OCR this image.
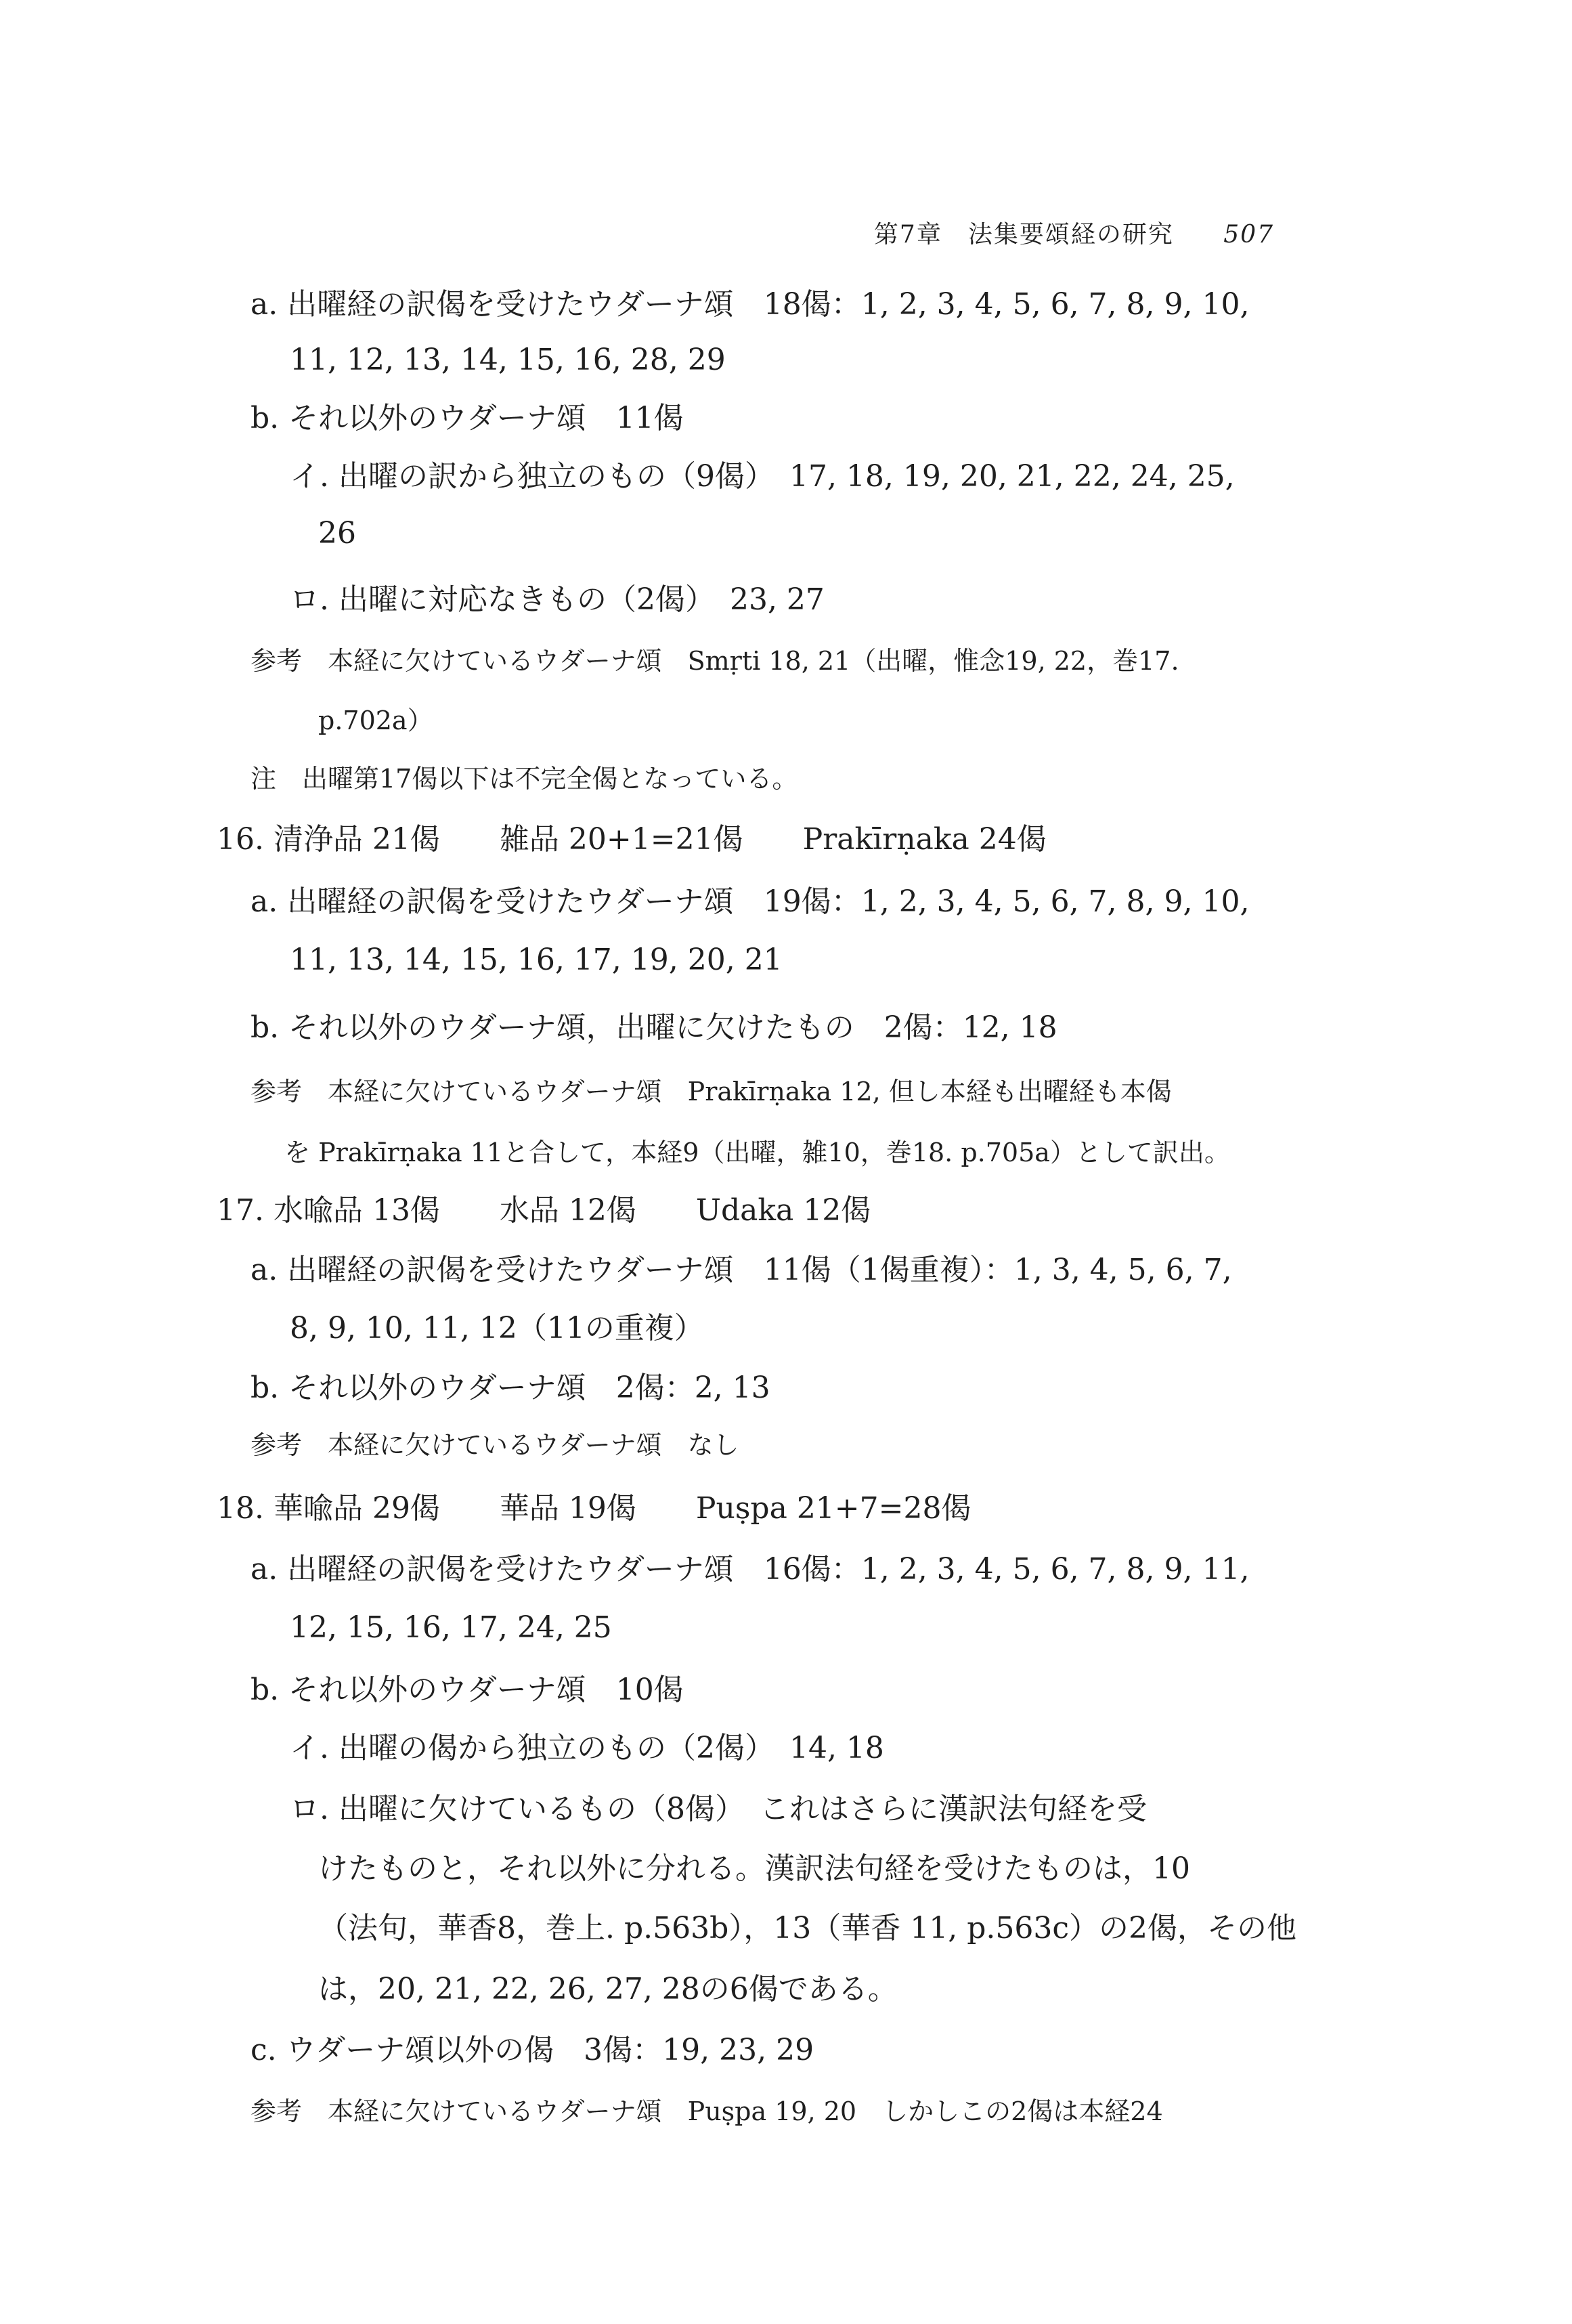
第7章　法集要頌経の研究 507
a. 出曜経の訳偈を受けたウダーナ頌　18偈：1, 2, 3, 4, 5, 6, 7, 8, 9, 10,
11, 12, 13, 14, 15, 16, 28, 29
b. それ以外のウダーナ頌　11偈
イ. 出曜の訳から独立のもの（9偈）　17, 18, 19, 20, 21, 22, 24, 25,
26
ロ. 出曜に対応なきもの（2偈）　23, 27
参考　本経に欠けているウダーナ頌　Smṛti 18, 21（出曜，惟念19, 22，巻17.
p.702a）
注　出曜第17偈以下は不完全偈となっている。
16. 清浄品 21偈　　雑品 20+1=21偈　　Prakīrṇaka 24偈
a. 出曜経の訳偈を受けたウダーナ頌　19偈：1, 2, 3, 4, 5, 6, 7, 8, 9, 10,
11, 13, 14, 15, 16, 17, 19, 20, 21
b. それ以外のウダーナ頌，出曜に欠けたもの　2偈：12, 18
参考　本経に欠けているウダーナ頌　Prakīrṇaka 12, 但し本経も出曜経も本偈
を Prakīrṇaka 11と合して，本経9（出曜，雑10，巻18. p.705a）として訳出。
17. 水喩品 13偈　　水品 12偈　　Udaka 12偈
a. 出曜経の訳偈を受けたウダーナ頌　11偈（1偈重複）：1, 3, 4, 5, 6, 7,
8, 9, 10, 11, 12（11の重複）
b. それ以外のウダーナ頌　2偈：2, 13
参考　本経に欠けているウダーナ頌　なし
18. 華喩品 29偈　　華品 19偈　　Puṣpa 21+7=28偈
a. 出曜経の訳偈を受けたウダーナ頌　16偈：1, 2, 3, 4, 5, 6, 7, 8, 9, 11,
12, 15, 16, 17, 24, 25
b. それ以外のウダーナ頌　10偈
イ. 出曜の偈から独立のもの（2偈）　14, 18
ロ. 出曜に欠けているもの（8偈）　これはさらに漢訳法句経を受
けたものと，それ以外に分れる。漢訳法句経を受けたものは，10
（法句，華香8，巻上. p.563b），13（華香 11, p.563c）の2偈，その他
は，20, 21, 22, 26, 27, 28の6偈である。
c. ウダーナ頌以外の偈　3偈：19, 23, 29
参考　本経に欠けているウダーナ頌　Puṣpa 19, 20　しかしこの2偈は本経24
